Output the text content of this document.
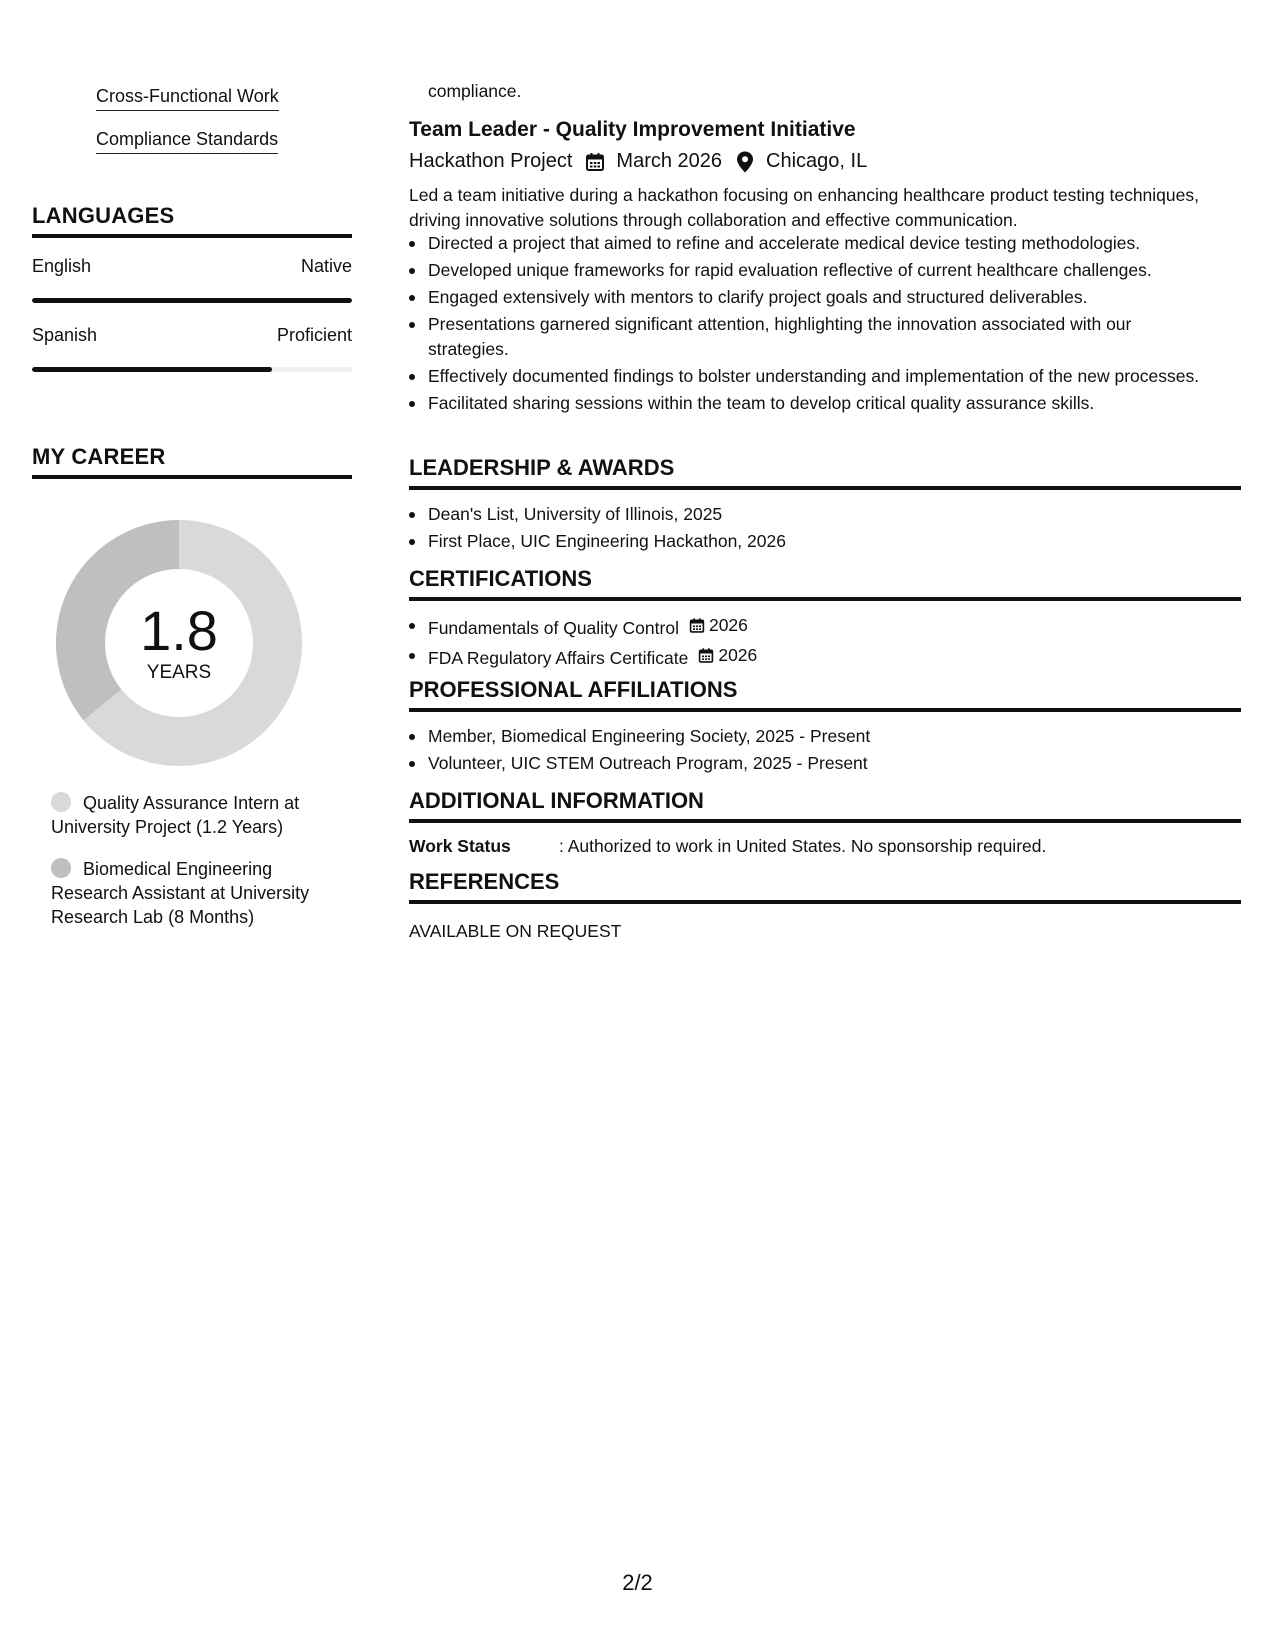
Cross-Functional Work
Compliance Standards
LANGUAGES
English	Native
Spanish	Proficient
MY CAREER
1.8
YEARS
Quality Assurance Intern at University Project (1.2 Years)
Biomedical Engineering Research Assistant at University Research Lab (8 Months)
compliance.
Team Leader - Quality Improvement Initiative
Hackathon Project March 2026 Chicago, IL
Led a team initiative during a hackathon focusing on enhancing healthcare product testing techniques, driving innovative solutions through collaboration and effective communication.
Directed a project that aimed to refine and accelerate medical device testing methodologies.
Developed unique frameworks for rapid evaluation reflective of current healthcare challenges.
Engaged extensively with mentors to clarify project goals and structured deliverables.
Presentations garnered significant attention, highlighting the innovation associated with our strategies.
Effectively documented findings to bolster understanding and implementation of the new processes.
Facilitated sharing sessions within the team to develop critical quality assurance skills.
LEADERSHIP & AWARDS
Dean's List, University of Illinois, 2025
First Place, UIC Engineering Hackathon, 2026
CERTIFICATIONS
Fundamentals of Quality Control 2026
FDA Regulatory Affairs Certificate 2026
PROFESSIONAL AFFILIATIONS
Member, Biomedical Engineering Society, 2025 - Present
Volunteer, UIC STEM Outreach Program, 2025 - Present
ADDITIONAL INFORMATION
Work Status	: Authorized to work in United States. No sponsorship required.
REFERENCES
AVAILABLE ON REQUEST
2/2
